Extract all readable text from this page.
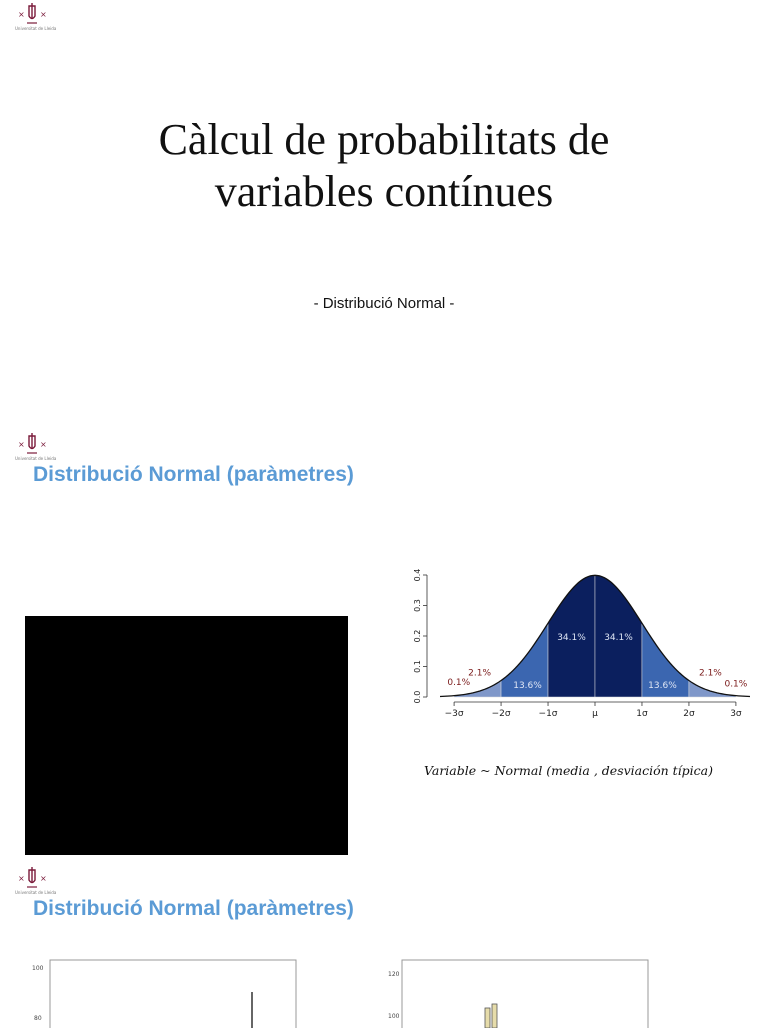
× ×
Universitat de Lleida
Càlcul de probabilitats de
variables contínues
- Distribució Normal -
× ×
Universitat de Lleida
Distribució Normal (paràmetres)
−3σ	−2σ	−1σ	μ	1σ	2σ	3σ
0.0
0.1
0.2
0.3
0.4
2.1%
13.6%
34.1% 34.1%
13.6%
2.1%
0.1%	0.1%
Variable ~ Normal (media , desviación típica)
× ×
Universitat de Lleida
Distribució Normal (paràmetres)
100
80
120
100
